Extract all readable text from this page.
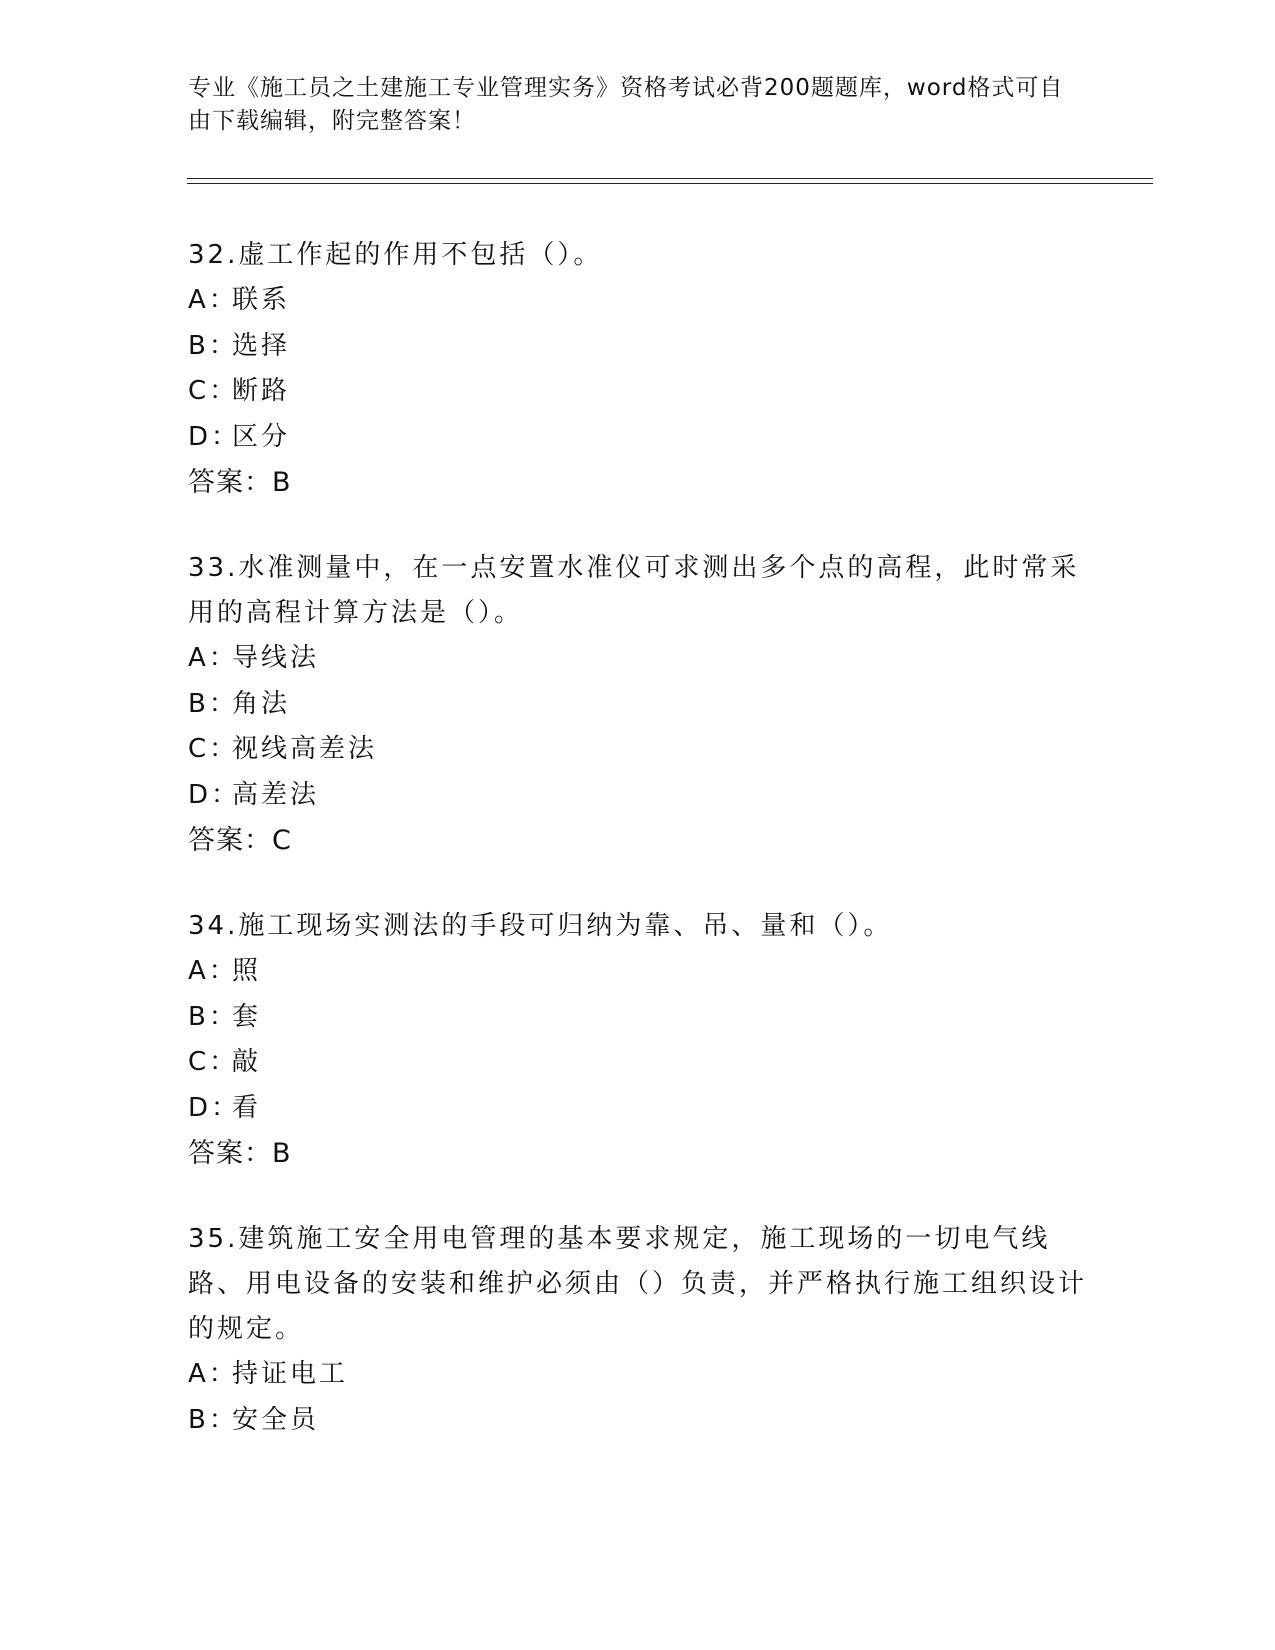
专业《施工员之土建施工专业管理实务》资格考试必背200题题库，word格式可自由下载编辑，附完整答案！

32.虚工作起的作用不包括（）。

A：
联系
B：
选择
C：
断路
D：
区分
答案：B

33.水准测量中，在一点安置水准仪可求测出多个点的高程，此时常采用的高程计算方法是（）。

A：
导线法
B：
角法
C：
视线高差法
D：
高差法
答案：C

34.施工现场实测法的手段可归纳为靠、吊、量和（）。

A：
照
B：
套
C：
敲
D：
看
答案：B

35.建筑施工安全用电管理的基本要求规定，施工现场的一切电气线路、用电设备的安装和维护必须由（）负责，并严格执行施工组织设计的规定。

A：
持证电工
B：
安全员
